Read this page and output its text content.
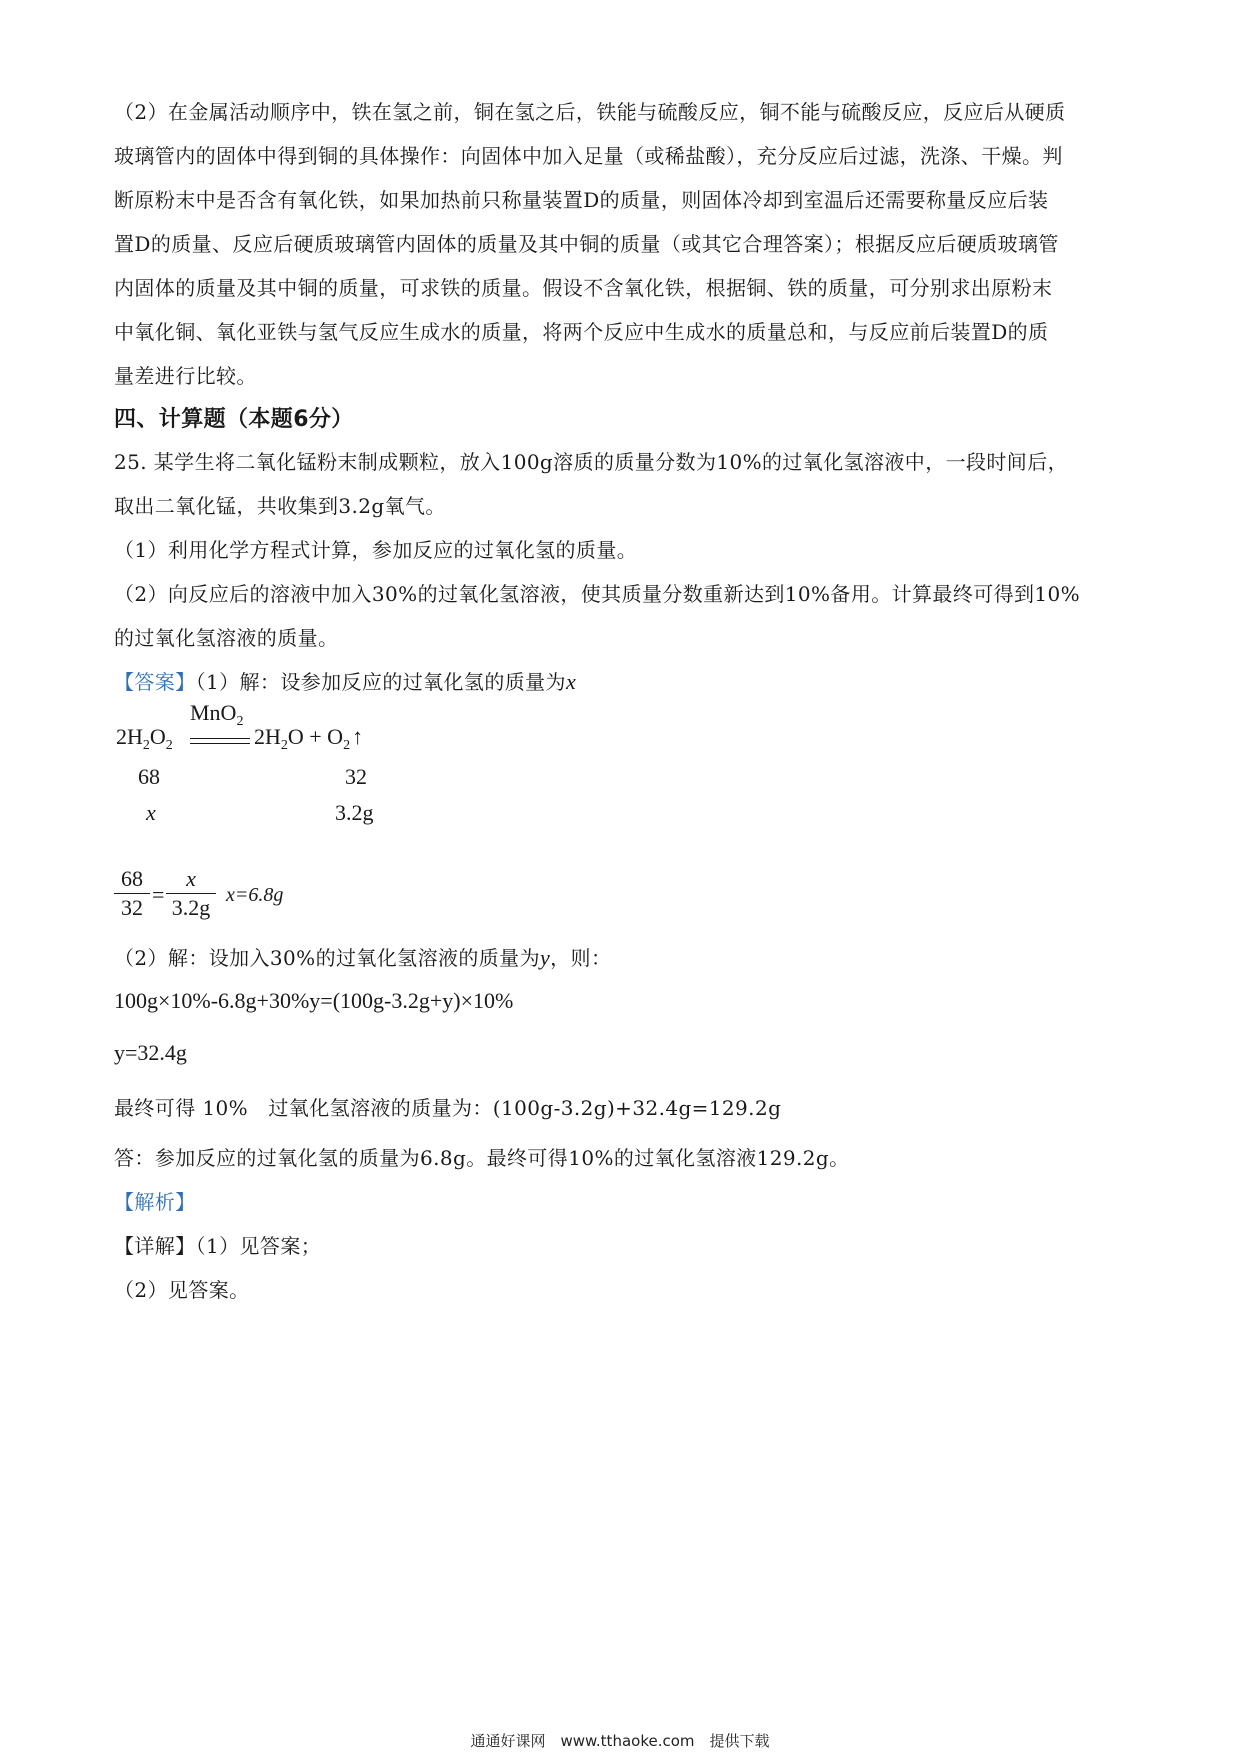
（2）在金属活动顺序中，铁在氢之前，铜在氢之后，铁能与硫酸反应，铜不能与硫酸反应，反应后从硬质
玻璃管内的固体中得到铜的具体操作：向固体中加入足量（或稀盐酸），充分反应后过滤，洗涤、干燥。判
断原粉末中是否含有氧化铁，如果加热前只称量装置D的质量，则固体冷却到室温后还需要称量反应后装
置D的质量、反应后硬质玻璃管内固体的质量及其中铜的质量（或其它合理答案）；根据反应后硬质玻璃管
内固体的质量及其中铜的质量，可求铁的质量。假设不含氧化铁，根据铜、铁的质量，可分别求出原粉末
中氧化铜、氧化亚铁与氢气反应生成水的质量，将两个反应中生成水的质量总和，与反应前后装置D的质
量差进行比较。
四、计算题（本题6分）
25. 某学生将二氧化锰粉末制成颗粒，放入100g溶质的质量分数为10%的过氧化氢溶液中，一段时间后，
取出二氧化锰，共收集到3.2g氧气。
（1）利用化学方程式计算，参加反应的过氧化氢的质量。
（2）向反应后的溶液中加入30%的过氧化氢溶液，使其质量分数重新达到10%备用。计算最终可得到10%
的过氧化氢溶液的质量。
【答案】（1）解：设参加反应的过氧化氢的质量为x
MnO$_2$
$2H_2O_2$	$2H_2O$ + $O_2↑$
68	32
x	3.2g
68
32
=
x
3.2g x=6.8g
（2）解：设加入30%的过氧化氢溶液的质量为y，则：
100g×10%-6.8g+30%y=(100g-3.2g+y)×10%
y=32.4g
最终可得 10%　过氧化氢溶液的质量为：(100g-3.2g)+32.4g=129.2g
答：参加反应的过氧化氢的质量为6.8g。最终可得10%的过氧化氢溶液129.2g。
【解析】
【详解】（1）见答案；
（2）见答案。
通通好课网　www.tthaoke.com　提供下载
